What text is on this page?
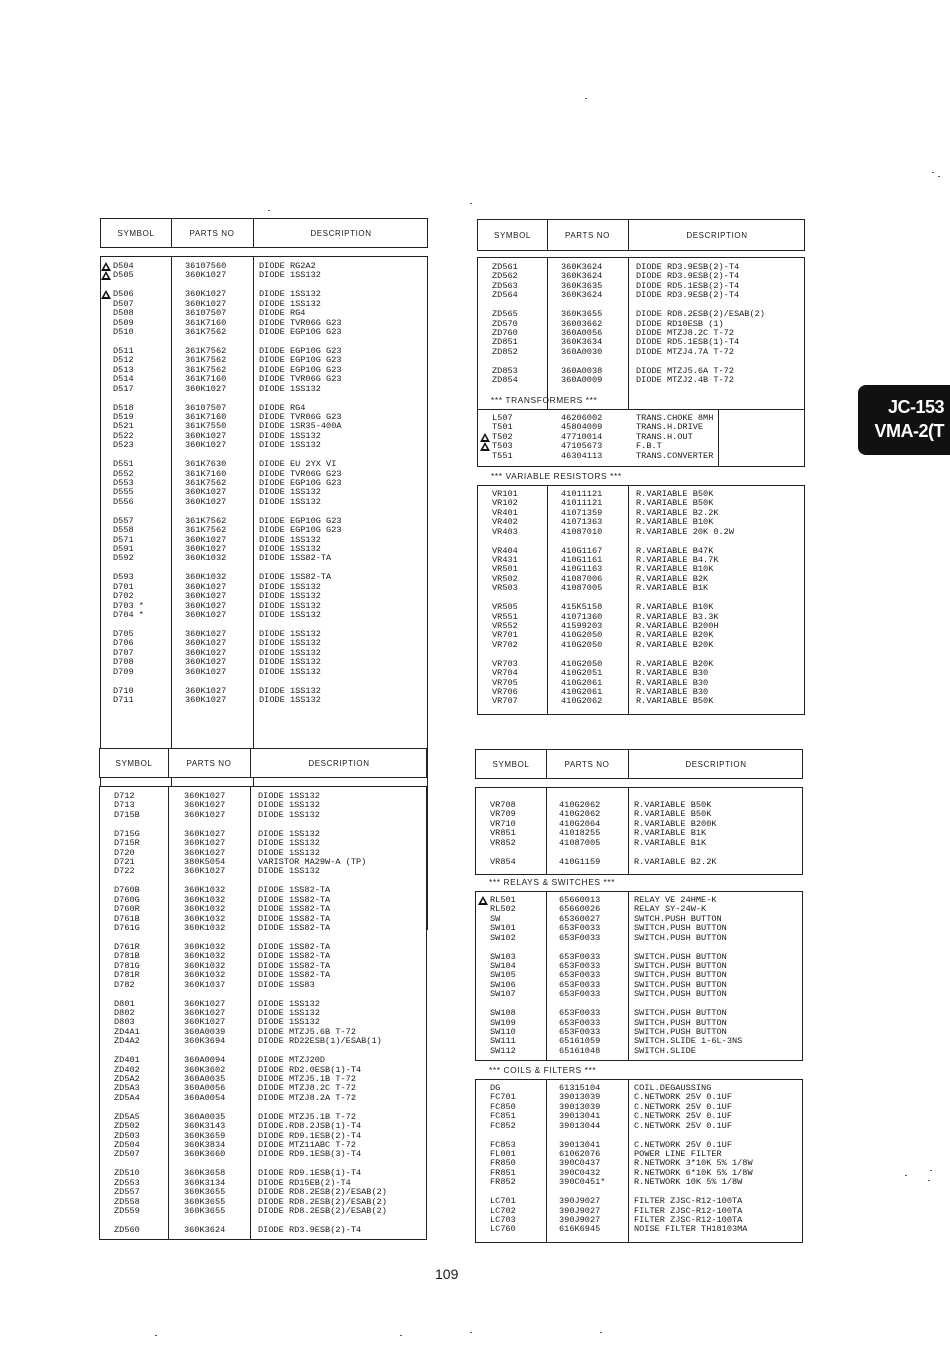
SYMBOL	PARTS NO	DESCRIPTION
D504	36107560	DIODE RG2A2
D505	360K1027	DIODE 1SS132
D506	360K1027	DIODE 1SS132
D507	360K1027	DIODE 1SS132
D508	36107507	DIODE RG4
D509	361K7160	DIODE TVR06G G23
D510	361K7562	DIODE EGP10G G23
D511	361K7562	DIODE EGP10G G23
D512	361K7562	DIODE EGP10G G23
D513	361K7562	DIODE EGP10G G23
D514	361K7160	DIODE TVR06G G23
D517	360K1027	DIODE 1SS132
D518	36107507	DIODE RG4
D519	361K7160	DIODE TVR06G G23
D521	361K7550	DIODE 1SR35-400A
D522	360K1027	DIODE 1SS132
D523	360K1027	DIODE 1SS132
D551	361K7630	DIODE EU 2YX VI
D552	361K7160	DIODE TVR06G G23
D553	361K7562	DIODE EGP10G G23
D555	360K1027	DIODE 1SS132
D556	360K1027	DIODE 1SS132
D557	361K7562	DIODE EGP10G G23
D558	361K7562	DIODE EGP10G G23
D571	360K1027	DIODE 1SS132
D591	360K1027	DIODE 1SS132
D592	360K1032	DIODE 1SS82-TA
D593	360K1032	DIODE 1SS82-TA
D701	360K1027	DIODE 1SS132
D702	360K1027	DIODE 1SS132
D703 *	360K1027	DIODE 1SS132
D704 *	360K1027	DIODE 1SS132
D705	360K1027	DIODE 1SS132
D706	360K1027	DIODE 1SS132
D707	360K1027	DIODE 1SS132
D708	360K1027	DIODE 1SS132
D709	360K1027	DIODE 1SS132
D710	360K1027	DIODE 1SS132
D711	360K1027	DIODE 1SS132
SYMBOL	PARTS NO	DESCRIPTION
ZD561	360K3624	DIODE RD3.9ESB(2)-T4
ZD562	360K3624	DIODE RD3.9ESB(2)-T4
ZD563	360K3635	DIODE RD5.1ESB(2)-T4
ZD564	360K3624	DIODE RD3.9ESB(2)-T4
ZD565	360K3655	DIODE RD8.2ESB(2)/ESAB(2)
ZD570	36003662	DIODE RD10ESB (1)
ZD760	360A0056	DIODE MTZJ8.2C T-72
ZD851	360K3634	DIODE RD5.1ESB(1)-T4
ZD852	360A0030	DIODE MTZJ4.7A T-72
ZD853	360A0038	DIODE MTZJ5.6A T-72
ZD854	360A0009	DIODE MTZJ2.4B T-72
*** TRANSFORMERS ***
L507	46206002	TRANS.CHOKE 8MH
T501	45804009	TRANS.H.DRIVE
T502	47710014	TRANS.H.OUT
T503	47105673	F.B.T
T551	46304113	TRANS.CONVERTER
*** VARIABLE RESISTORS ***
VR101	41011121	R.VARIABLE B50K
VR102	41011121	R.VARIABLE B50K
VR401	41071359	R.VARIABLE B2.2K
VR402	41071363	R.VARIABLE B10K
VR403	41087010	R.VARIABLE 20K 0.2W
VR404	410G1167	R.VARIABLE B47K
VR431	410G1161	R.VARIABLE B4.7K
VR501	410G1163	R.VARIABLE B10K
VR502	41087006	R.VARIABLE B2K
VR503	41087005	R.VARIABLE B1K
VR505	415K5158	R.VARIABLE B10K
VR551	41071360	R.VARIABLE B3.3K
VR552	41599203	R.VARIABLE B200H
VR701	410G2050	R.VARIABLE B20K
VR702	410G2050	R.VARIABLE B20K
VR703	410G2050	R.VARIABLE B20K
VR704	410G2051	R.VARIABLE B30
VR705	410G2061	R.VARIABLE B30
VR706	410G2061	R.VARIABLE B30
VR707	410G2062	R.VARIABLE B50K
SYMBOL	PARTS NO	DESCRIPTION
D712	360K1027	DIODE 1SS132
D713	360K1027	DIODE 1SS132
D715B	360K1027	DIODE 1SS132
D715G	360K1027	DIODE 1SS132
D715R	360K1027	DIODE 1SS132
D720	360K1027	DIODE 1SS132
D721	380K5054	VARISTOR MA29W-A (TP)
D722	360K1027	DIODE 1SS132
D760B	360K1032	DIODE 1SS82-TA
D760G	360K1032	DIODE 1SS82-TA
D760R	360K1032	DIODE 1SS82-TA
D761B	360K1032	DIODE 1SS82-TA
D761G	360K1032	DIODE 1SS82-TA
D761R	360K1032	DIODE 1SS82-TA
D781B	360K1032	DIODE 1SS82-TA
D781G	360K1032	DIODE 1SS82-TA
D781R	360K1032	DIODE 1SS82-TA
D782	360K1037	DIODE 1SS83
D801	360K1027	DIODE 1SS132
D802	360K1027	DIODE 1SS132
D803	360K1027	DIODE 1SS132
ZD4A1	360A0039	DIODE MTZJ5.6B T-72
ZD4A2	360K3694	DIODE RD22ESB(1)/ESAB(1)
ZD401	360A0094	DIODE MTZJ20D
ZD402	360K3602	DIODE RD2.0ESB(1)-T4
ZD5A2	360A0035	DIODE MTZJ5.1B T-72
ZD5A3	360A0056	DIODE MTZJ8.2C T-72
ZD5A4	360A0054	DIODE MTZJ8.2A T-72
ZD5A5	360A0035	DIODE MTZJ5.1B T-72
ZD502	360K3143	DIODE.RD8.2JSB(1)-T4
ZD503	360K3659	DIODE RD9.1ESB(2)-T4
ZD504	360K3834	DIODE MTZ11ABC T-72
ZD507	360K3660	DIODE RD9.1ESB(3)-T4
ZD510	360K3658	DIODE RD9.1ESB(1)-T4
ZD553	360K3134	DIODE RD15EB(2)-T4
ZD557	360K3655	DIODE RD8.2ESB(2)/ESAB(2)
ZD558	360K3655	DIODE RD8.2ESB(2)/ESAB(2)
ZD559	360K3655	DIODE RD8.2ESB(2)/ESAB(2)
ZD560	360K3624	DIODE RD3.9ESB(2)-T4
SYMBOL	PARTS NO	DESCRIPTION
VR708	410G2062	R.VARIABLE B50K
VR709	410G2062	R.VARIABLE B50K
VR710	410G2064	R.VARIABLE B200K
VR851	41018255	R.VARIABLE B1K
VR852	41087005	R.VARIABLE B1K
VR854	410G1159	R.VARIABLE B2.2K
*** RELAYS & SWITCHES ***
RL501	65660013	RELAY VE 24HME-K
RL502	65660026	RELAY SY-24W-K
SW	65360027	SWTCH.PUSH BUTTON
SW101	653F0033	SWITCH.PUSH BUTTON
SW102	653F0033	SWITCH.PUSH BUTTON
SW103	653F0033	SWITCH.PUSH BUTTON
SW104	653F0033	SWITCH.PUSH BUTTON
SW105	653F0033	SWITCH.PUSH BUTTON
SW106	653F0033	SWITCH.PUSH BUTTON
SW107	653F0033	SWITCH.PUSH BUTTON
SW108	653F0033	SWITCH.PUSH BUTTON
SW109	653F0033	SWITCH.PUSH BUTTON
SW110	653F0033	SWITCH.PUSH BUTTON
SW111	65161059	SWITCH.SLIDE 1-6L-3NS
SW112	65161048	SWITCH.SLIDE
*** COILS & FILTERS ***
DG	61315104	COIL.DEGAUSSING
FC701	39013039	C.NETWORK 25V 0.1UF
FC850	39013039	C.NETWORK 25V 0.1UF
FC851	39013041	C.NETWORK 25V 0.1UF
FC852	39013044	C.NETWORK 25V 0.1UF
FC853	39013041	C.NETWORK 25V 0.1UF
FL001	61062076	POWER LINE FILTER
FR850	390C0437	R.NETWORK 3*10K 5% 1/8W
FR851	390C0432	R.NETWORK 6*10K 5% 1/8W
FR852	390C0451*	R.NETWORK 10K 5% 1/8W
LC701	390J9027	FILTER ZJSC-R12-100TA
LC702	390J9027	FILTER ZJSC-R12-100TA
LC703	390J9027	FILTER ZJSC-R12-100TA
LC760	616K6945	NOISE FILTER TH18103MA
JC-153
VMA-2(T
109
